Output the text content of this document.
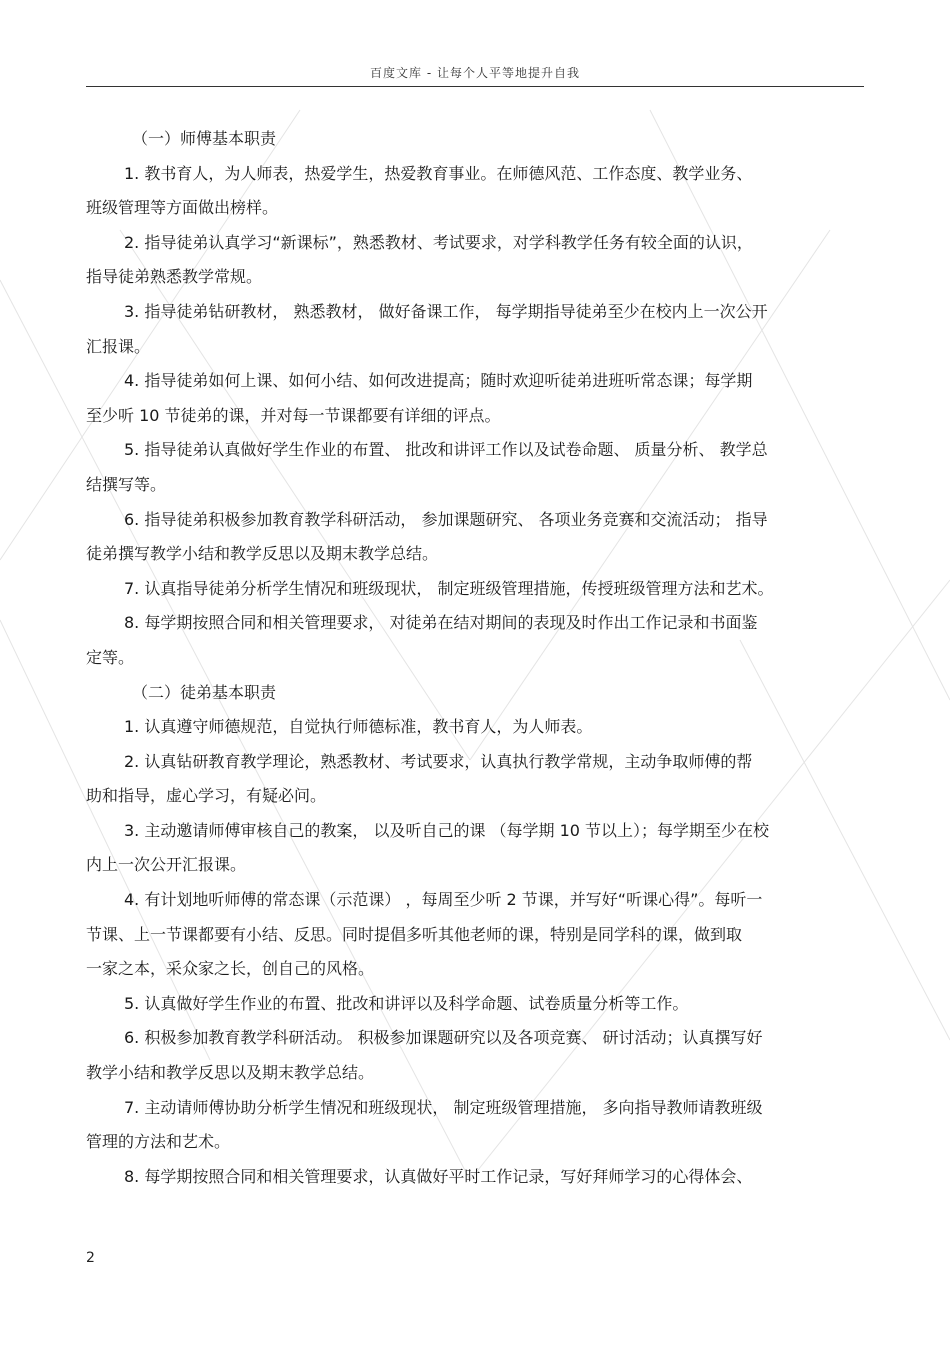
百度文库 - 让每个人平等地提升自我
（一）师傅基本职责
1. 教书育人，为人师表，热爱学生，热爱教育事业。在师德风范、工作态度、教学业务、
班级管理等方面做出榜样。
2. 指导徒弟认真学习“新课标”，熟悉教材、考试要求，对学科教学任务有较全面的认识，
指导徒弟熟悉教学常规。
3. 指导徒弟钻研教材， 熟悉教材， 做好备课工作， 每学期指导徒弟至少在校内上一次公开
汇报课。
4. 指导徒弟如何上课、如何小结、如何改进提高；随时欢迎听徒弟进班听常态课；每学期
至少听 10 节徒弟的课，并对每一节课都要有详细的评点。
5. 指导徒弟认真做好学生作业的布置、 批改和讲评工作以及试卷命题、 质量分析、 教学总
结撰写等。
6. 指导徒弟积极参加教育教学科研活动， 参加课题研究、 各项业务竞赛和交流活动； 指导
徒弟撰写教学小结和教学反思以及期末教学总结。
7. 认真指导徒弟分析学生情况和班级现状， 制定班级管理措施，传授班级管理方法和艺术。
8. 每学期按照合同和相关管理要求， 对徒弟在结对期间的表现及时作出工作记录和书面鉴
定等。
（二）徒弟基本职责
1. 认真遵守师德规范，自觉执行师德标准，教书育人，为人师表。
2. 认真钻研教育教学理论，熟悉教材、考试要求，认真执行教学常规，主动争取师傅的帮
助和指导，虚心学习，有疑必问。
3. 主动邀请师傅审核自己的教案， 以及听自己的课 （每学期 10 节以上）；每学期至少在校
内上一次公开汇报课。
4. 有计划地听师傅的常态课（示范课） ，每周至少听 2 节课，并写好“听课心得”。每听一
节课、上一节课都要有小结、反思。同时提倡多听其他老师的课，特别是同学科的课，做到取
一家之本，采众家之长，创自己的风格。
5. 认真做好学生作业的布置、批改和讲评以及科学命题、试卷质量分析等工作。
6. 积极参加教育教学科研活动。 积极参加课题研究以及各项竞赛、 研讨活动；认真撰写好
教学小结和教学反思以及期末教学总结。
7. 主动请师傅协助分析学生情况和班级现状， 制定班级管理措施， 多向指导教师请教班级
管理的方法和艺术。
8. 每学期按照合同和相关管理要求，认真做好平时工作记录，写好拜师学习的心得体会、
2
